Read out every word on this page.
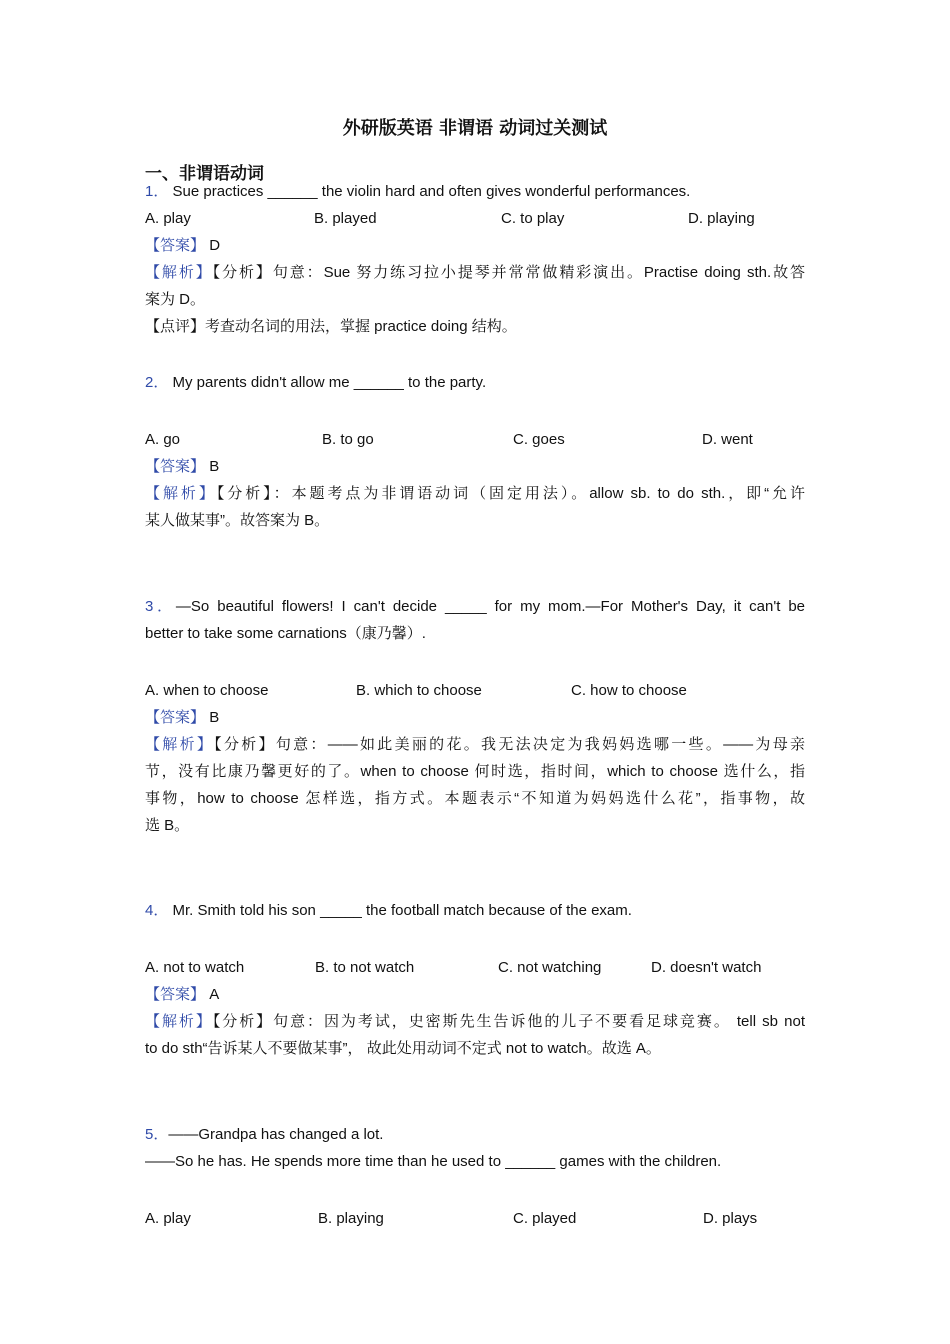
外研版英语 非谓语 动词过关测试
一、非谓语动词
1． Sue practices ______ the violin hard and often gives wonderful performances.
A. play	B. played	C. to play	D. playing
【答案】 D
【解析】【分析】句意：Sue 努力练习拉小提琴并常常做精彩演出。Practise doing sth.故答
案为 D。
【点评】考查动名词的用法，掌握 practice doing 结构。
2． My parents didn't allow me ______ to the party.
A. go	B. to go	C. goes	D. went
【答案】 B
【解析】【分析】：本题考点为非谓语动词（固定用法）。allow sb. to do sth.，即“允许
某人做某事”。故答案为 B。
3．—So beautiful flowers! I can't decide _____ for my mom.—For Mother's Day, it can't be
better to take some carnations（康乃馨）.
A. when to choose	B. which to choose	C. how to choose
【答案】 B
【解析】【分析】句意：——如此美丽的花。我无法决定为我妈妈选哪一些。——为母亲
节，没有比康乃馨更好的了。when to choose 何时选，指时间，which to choose 选什么，指
事物，how to choose 怎样选，指方式。本题表示“不知道为妈妈选什么花”，指事物，故
选 B。
4． Mr. Smith told his son _____ the football match because of the exam.
A. not to watch	B. to not watch	C. not watching	D. doesn't watch
【答案】 A
【解析】【分析】句意：因为考试，史密斯先生告诉他的儿子不要看足球竞赛。 tell sb not
to do sth“告诉某人不要做某事”， 故此处用动词不定式 not to watch。故选 A。
5．——Grandpa has changed a lot.
——So he has. He spends more time than he used to ______ games with the children.
A. play	B. playing	C. played	D. plays
